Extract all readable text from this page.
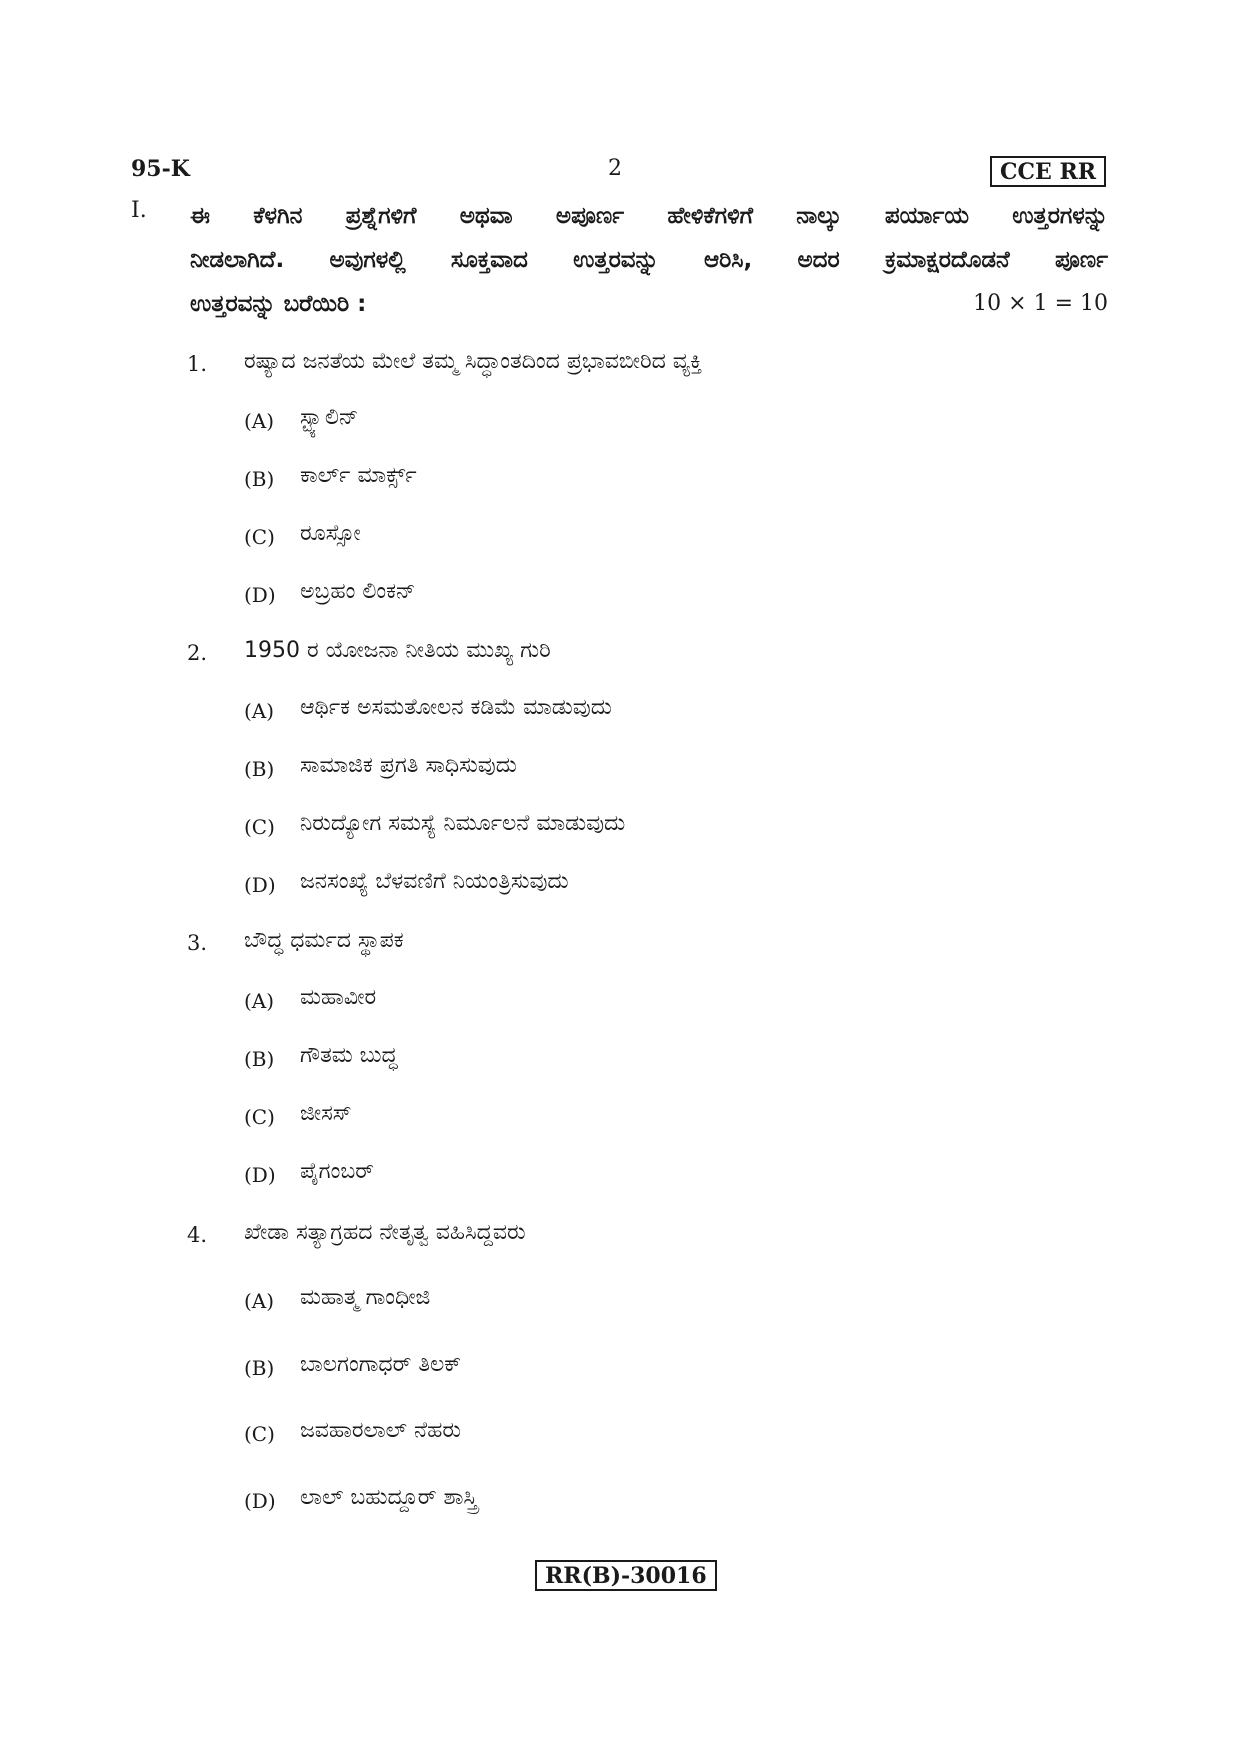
95-K	2	CCE RR
I. ಈ ಕೆಳಗಿನ ಪ್ರಶ್ನೆಗಳಿಗೆ ಅಥವಾ ಅಪೂರ್ಣ ಹೇಳಿಕೆಗಳಿಗೆ ನಾಲ್ಕು ಪರ್ಯಾಯ ಉತ್ತರಗಳನ್ನು
ನೀಡಲಾಗಿದೆ. ಅವುಗಳಲ್ಲಿ ಸೂಕ್ತವಾದ ಉತ್ತರವನ್ನು ಆರಿಸಿ, ಅದರ ಕ್ರಮಾಕ್ಷರದೊಡನೆ ಪೂರ್ಣ
ಉತ್ತರವನ್ನು ಬರೆಯಿರಿ :	10 × 1 = 10
1. ರಷ್ಯಾದ ಜನತೆಯ ಮೇಲೆ ತಮ್ಮ ಸಿದ್ಧಾಂತದಿಂದ ಪ್ರಭಾವಬೀರಿದ ವ್ಯಕ್ತಿ
(A) ಸ್ಟ್ಯಾಲಿನ್
(B) ಕಾರ್ಲ್ ಮಾರ್ಕ್ಸ್
(C) ರೂಸ್ಸೋ
(D) ಅಬ್ರಹಂ ಲಿಂಕನ್
2. 1950 ರ ಯೋಜನಾ ನೀತಿಯ ಮುಖ್ಯ ಗುರಿ
(A) ಆರ್ಥಿಕ ಅಸಮತೋಲನ ಕಡಿಮೆ ಮಾಡುವುದು
(B) ಸಾಮಾಜಿಕ ಪ್ರಗತಿ ಸಾಧಿಸುವುದು
(C) ನಿರುದ್ಯೋಗ ಸಮಸ್ಯೆ ನಿರ್ಮೂಲನೆ ಮಾಡುವುದು
(D) ಜನಸಂಖ್ಯೆ ಬೆಳವಣಿಗೆ ನಿಯಂತ್ರಿಸುವುದು
3. ಬೌದ್ಧ ಧರ್ಮದ ಸ್ಥಾಪಕ
(A) ಮಹಾವೀರ
(B) ಗೌತಮ ಬುದ್ಧ
(C) ಜೀಸಸ್
(D) ಪೈಗಂಬರ್
4. ಖೇಡಾ ಸತ್ಯಾಗ್ರಹದ ನೇತೃತ್ವ ವಹಿಸಿದ್ದವರು
(A) ಮಹಾತ್ಮ ಗಾಂಧೀಜಿ
(B) ಬಾಲಗಂಗಾಧರ್ ತಿಲಕ್
(C) ಜವಹಾರಲಾಲ್ ನೆಹರು
(D) ಲಾಲ್ ಬಹುದ್ದೂರ್ ಶಾಸ್ತ್ರಿ
RR(B)-30016
